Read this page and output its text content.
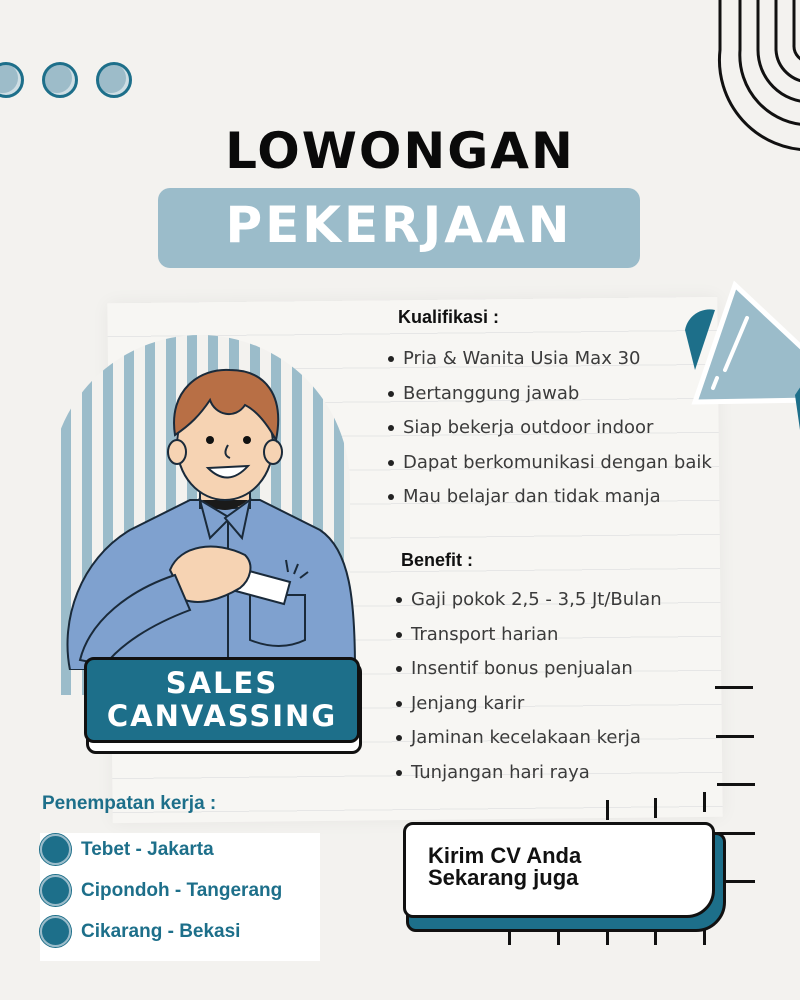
LOWONGAN
PEKERJAAN
SALES
CANVASSING
Kualifikasi :
Pria & Wanita Usia Max 30
Bertanggung jawab
Siap bekerja outdoor indoor
Dapat berkomunikasi dengan baik
Mau belajar dan tidak manja
Benefit :
Gaji pokok 2,5 - 3,5 Jt/Bulan
Transport harian
Insentif bonus penjualan
Jenjang karir
Jaminan kecelakaan kerja
Tunjangan hari raya
Penempatan kerja :
Tebet - Jakarta
Cipondoh - Tangerang
Cikarang - Bekasi
Kirim CV Anda
Sekarang juga
